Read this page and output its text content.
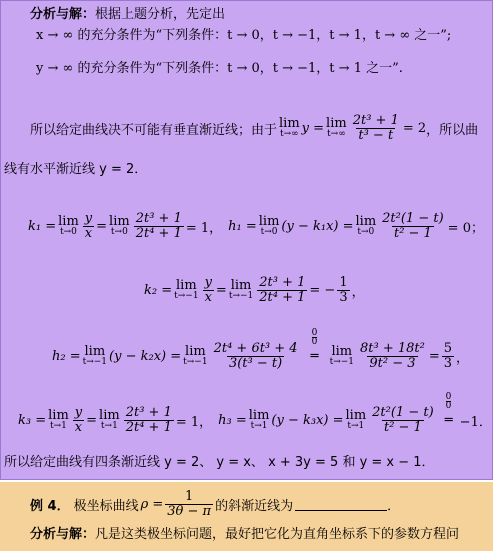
分析与解：根据上题分析，先定出
x → ∞ 的充分条件为“下列条件：t → 0，t → −1，t → 1，t → ∞ 之一”;
y → ∞ 的充分条件为“下列条件：t → 0，t → −1，t → 1 之一”.
所以给定曲线决不可能有垂直渐近线；由于 lim
t→∞ y = lim
$t\to\infty \frac{\text{2t³ + 1}}{\text{t³ − t}} = 2$ ，所以曲
线有水平渐近线 y = 2．
k₁ = lim
$t\to 0 \frac{y}{x} = \lim$
$t\to 0 \frac{\text{2t³ + 1}}{\text{2t⁴ + 1}} = 1$， h₁ = lim
t→0 (y − k₁x) = lim
$t\to 0 \frac{\text{2t²(1 − t)}}{\text{t² − 1}} = 0$；
k₂ = lim
$t\to-1 \frac{y}{x} = \lim$
$t\to-1 \frac{\text{2t³ + 1}}{\text{2t⁴ + 1}}$ = − $\frac{1}{3}$ ，
h₂ = lim
t→−1 (y − k₂x) = lim
$t\to-1 \frac{\text{2t⁴ + 6t³ + 4}}{\text{3(t³ − t)}}$
0
0
═ lim
$t\to-1 \frac{\text{8t³ + 18t²}}{\text{9t² − 3}} = \frac{5}{3}$ ，
k₃ = lim
$t\to 1 \frac{y}{x} = \lim$
$t\to 1 \frac{\text{2t³ + 1}}{\text{2t⁴ + 1}} = 1$， h₃ = lim
t→1 (y − k₃x) = lim
$t\to 1 \frac{\text{2t²(1 − t)}}{\text{t² − 1}}$
0
0
═ −1．
所以给定曲线有四条渐近线 y = 2、 y = x、 x + 3y = 5 和 y = x − 1．
例 4． 极坐标曲线 $\rho = \frac{1}{3\theta - \pi}$ 的斜渐近线为	．
分析与解：凡是这类极坐标问题，最好把它化为直角坐标系下的参数方程问
